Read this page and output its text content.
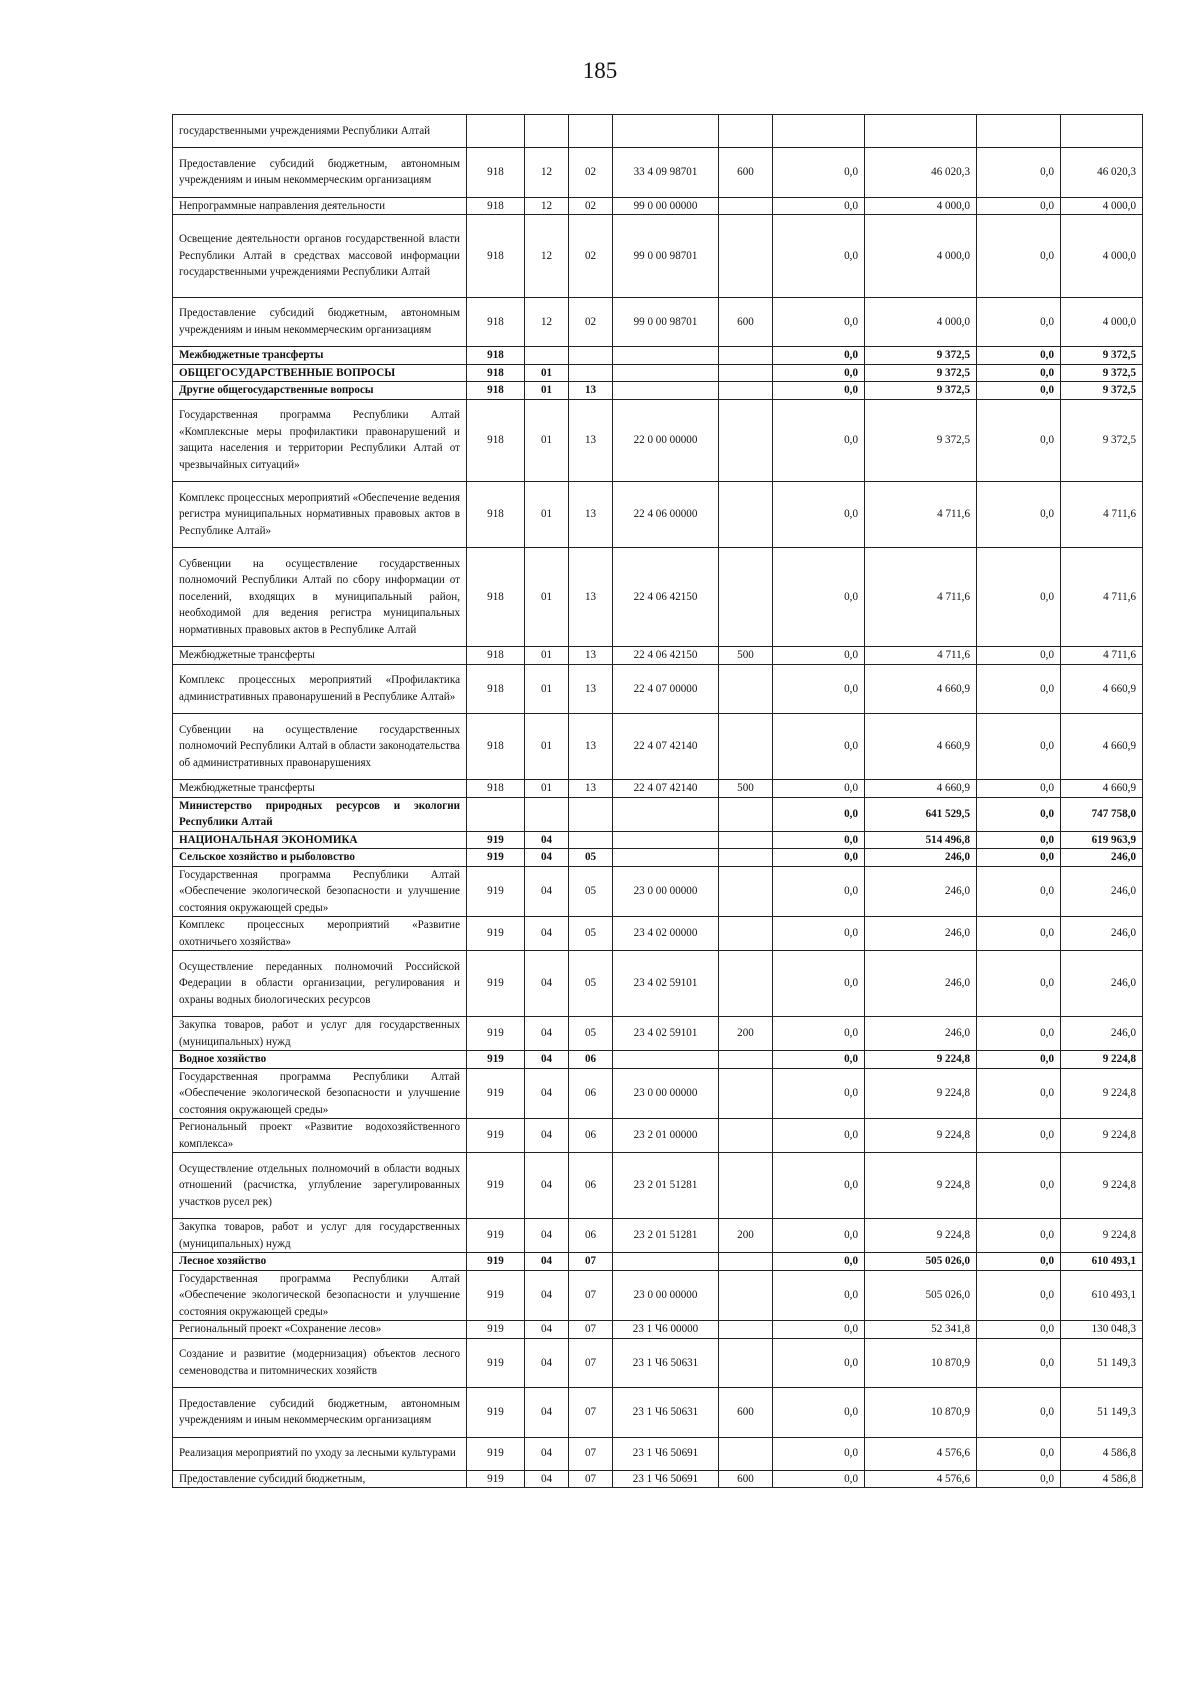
185
государственными учреждениями Республики Алтай									
Предоставление субсидий бюджетным, автономным учреждениям и иным некоммерческим организациям	918	12	02	33 4 09 98701	600	0,0	46 020,3	0,0	46 020,3
Непрограммные направления деятельности	918	12	02	99 0 00 00000		0,0	4 000,0	0,0	4 000,0
Освещение деятельности органов государственной власти Республики Алтай в средствах массовой информации государственными учреждениями Республики Алтай	918	12	02	99 0 00 98701		0,0	4 000,0	0,0	4 000,0
Предоставление субсидий бюджетным, автономным учреждениям и иным некоммерческим организациям	918	12	02	99 0 00 98701	600	0,0	4 000,0	0,0	4 000,0
Межбюджетные трансферты	918					0,0	9 372,5	0,0	9 372,5
ОБЩЕГОСУДАРСТВЕННЫЕ ВОПРОСЫ	918	01				0,0	9 372,5	0,0	9 372,5
Другие общегосударственные вопросы	918	01	13			0,0	9 372,5	0,0	9 372,5
Государственная программа Республики Алтай «Комплексные меры профилактики правонарушений и защита населения и территории Республики Алтай от чрезвычайных ситуаций»	918	01	13	22 0 00 00000		0,0	9 372,5	0,0	9 372,5
Комплекс процессных мероприятий «Обеспечение ведения регистра муниципальных нормативных правовых актов в Республике Алтай»	918	01	13	22 4 06 00000		0,0	4 711,6	0,0	4 711,6
Субвенции на осуществление государственных полномочий Республики Алтай по сбору информации от поселений, входящих в муниципальный район, необходимой для ведения регистра муниципальных нормативных правовых актов в Республике Алтай	918	01	13	22 4 06 42150		0,0	4 711,6	0,0	4 711,6
Межбюджетные трансферты	918	01	13	22 4 06 42150	500	0,0	4 711,6	0,0	4 711,6
Комплекс процессных мероприятий «Профилактика административных правонарушений в Республике Алтай»	918	01	13	22 4 07 00000		0,0	4 660,9	0,0	4 660,9
Субвенции на осуществление государственных полномочий Республики Алтай в области законодательства об административных правонарушениях	918	01	13	22 4 07 42140		0,0	4 660,9	0,0	4 660,9
Межбюджетные трансферты	918	01	13	22 4 07 42140	500	0,0	4 660,9	0,0	4 660,9
Министерство природных ресурсов и экологии Республики Алтай						0,0	641 529,5	0,0	747 758,0
НАЦИОНАЛЬНАЯ ЭКОНОМИКА	919	04				0,0	514 496,8	0,0	619 963,9
Сельское хозяйство и рыболовство	919	04	05			0,0	246,0	0,0	246,0
Государственная программа Республики Алтай «Обеспечение экологической безопасности и улучшение состояния окружающей среды»	919	04	05	23 0 00 00000		0,0	246,0	0,0	246,0
Комплекс процессных мероприятий «Развитие охотничьего хозяйства»	919	04	05	23 4 02 00000		0,0	246,0	0,0	246,0
Осуществление переданных полномочий Российской Федерации в области организации, регулирования и охраны водных биологических ресурсов	919	04	05	23 4 02 59101		0,0	246,0	0,0	246,0
Закупка товаров, работ и услуг для государственных (муниципальных) нужд	919	04	05	23 4 02 59101	200	0,0	246,0	0,0	246,0
Водное хозяйство	919	04	06			0,0	9 224,8	0,0	9 224,8
Государственная программа Республики Алтай «Обеспечение экологической безопасности и улучшение состояния окружающей среды»	919	04	06	23 0 00 00000		0,0	9 224,8	0,0	9 224,8
Региональный проект «Развитие водохозяйственного комплекса»	919	04	06	23 2 01 00000		0,0	9 224,8	0,0	9 224,8
Осуществление отдельных полномочий в области водных отношений (расчистка, углубление зарегулированных участков русел рек)	919	04	06	23 2 01 51281		0,0	9 224,8	0,0	9 224,8
Закупка товаров, работ и услуг для государственных (муниципальных) нужд	919	04	06	23 2 01 51281	200	0,0	9 224,8	0,0	9 224,8
Лесное хозяйство	919	04	07			0,0	505 026,0	0,0	610 493,1
Государственная программа Республики Алтай «Обеспечение экологической безопасности и улучшение состояния окружающей среды»	919	04	07	23 0 00 00000		0,0	505 026,0	0,0	610 493,1
Региональный проект «Сохранение лесов»	919	04	07	23 1 Ч6 00000		0,0	52 341,8	0,0	130 048,3
Создание и развитие (модернизация) объектов лесного семеноводства и питомнических хозяйств	919	04	07	23 1 Ч6 50631		0,0	10 870,9	0,0	51 149,3
Предоставление субсидий бюджетным, автономным учреждениям и иным некоммерческим организациям	919	04	07	23 1 Ч6 50631	600	0,0	10 870,9	0,0	51 149,3
Реализация мероприятий по уходу за лесными культурами	919	04	07	23 1 Ч6 50691		0,0	4 576,6	0,0	4 586,8
Предоставление субсидий бюджетным,	919	04	07	23 1 Ч6 50691	600	0,0	4 576,6	0,0	4 586,8
